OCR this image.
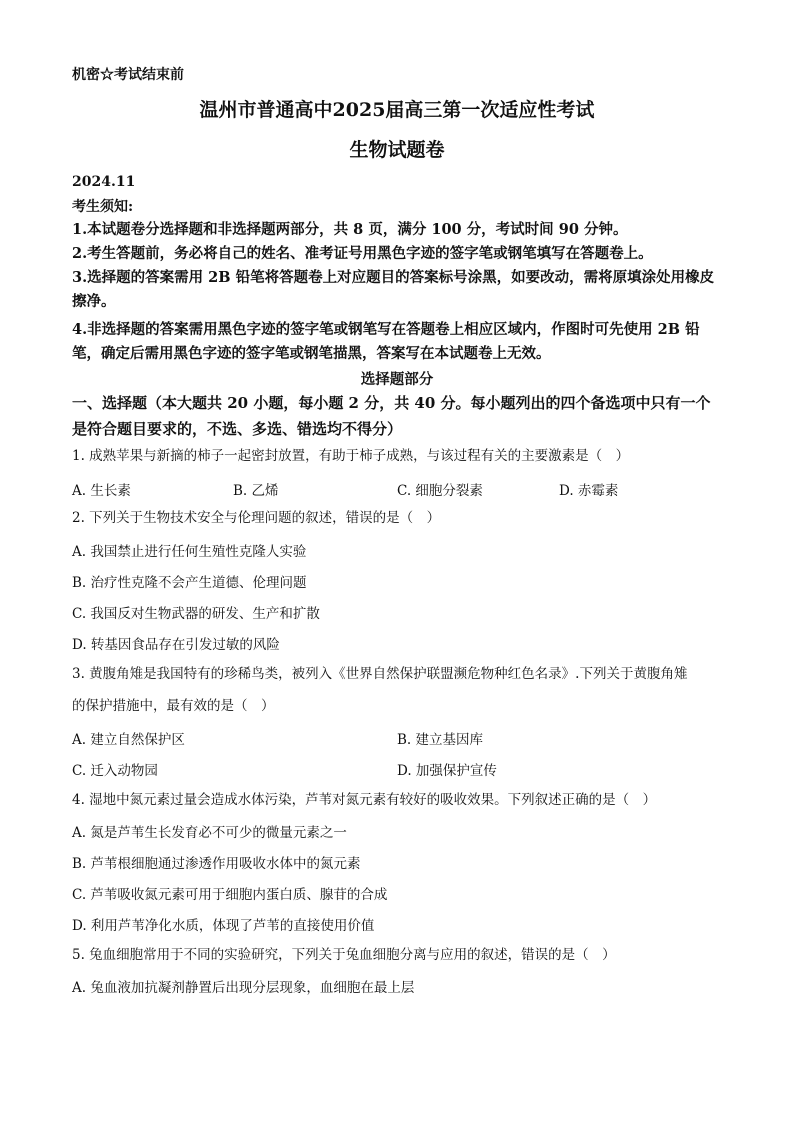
机密☆考试结束前
温州市普通高中2025届高三第一次适应性考试
生物试题卷
2024.11
考生须知:
1.本试题卷分选择题和非选择题两部分，共 8 页，满分 100 分，考试时间 90 分钟。
2.考生答题前，务必将自己的姓名、准考证号用黑色字迹的签字笔或钢笔填写在答题卷上。
3.选择题的答案需用 2B 铅笔将答题卷上对应题目的答案标号涂黑，如要改动，需将原填涂处用橡皮擦净。
4.非选择题的答案需用黑色字迹的签字笔或钢笔写在答题卷上相应区域内，作图时可先使用 2B 铅笔，确定后需用黑色字迹的签字笔或钢笔描黑，答案写在本试题卷上无效。
选择题部分
一、选择题（本大题共 20 小题，每小题 2 分，共 40 分。每小题列出的四个备选项中只有一个是符合题目要求的，不选、多选、错选均不得分）
1. 成熟苹果与新摘的柿子一起密封放置，有助于柿子成熟，与该过程有关的主要激素是（　）
A. 生长素	B. 乙烯	C. 细胞分裂素	D. 赤霉素
2. 下列关于生物技术安全与伦理问题的叙述，错误的是（　）
A. 我国禁止进行任何生殖性克隆人实验
B. 治疗性克隆不会产生道德、伦理问题
C. 我国反对生物武器的研发、生产和扩散
D. 转基因食品存在引发过敏的风险
3. 黄腹角雉是我国特有的珍稀鸟类，被列入《世界自然保护联盟濒危物种红色名录》.下列关于黄腹角雉
的保护措施中，最有效的是（　）
A. 建立自然保护区	B. 建立基因库
C. 迁入动物园	D. 加强保护宣传
4. 湿地中氮元素过量会造成水体污染，芦苇对氮元素有较好的吸收效果。下列叙述正确的是（　）
A. 氮是芦苇生长发育必不可少的微量元素之一
B. 芦苇根细胞通过渗透作用吸收水体中的氮元素
C. 芦苇吸收氮元素可用于细胞内蛋白质、腺苷的合成
D. 利用芦苇净化水质，体现了芦苇的直接使用价值
5. 兔血细胞常用于不同的实验研究，下列关于兔血细胞分离与应用的叙述，错误的是（　）
A. 兔血液加抗凝剂静置后出现分层现象，血细胞在最上层
